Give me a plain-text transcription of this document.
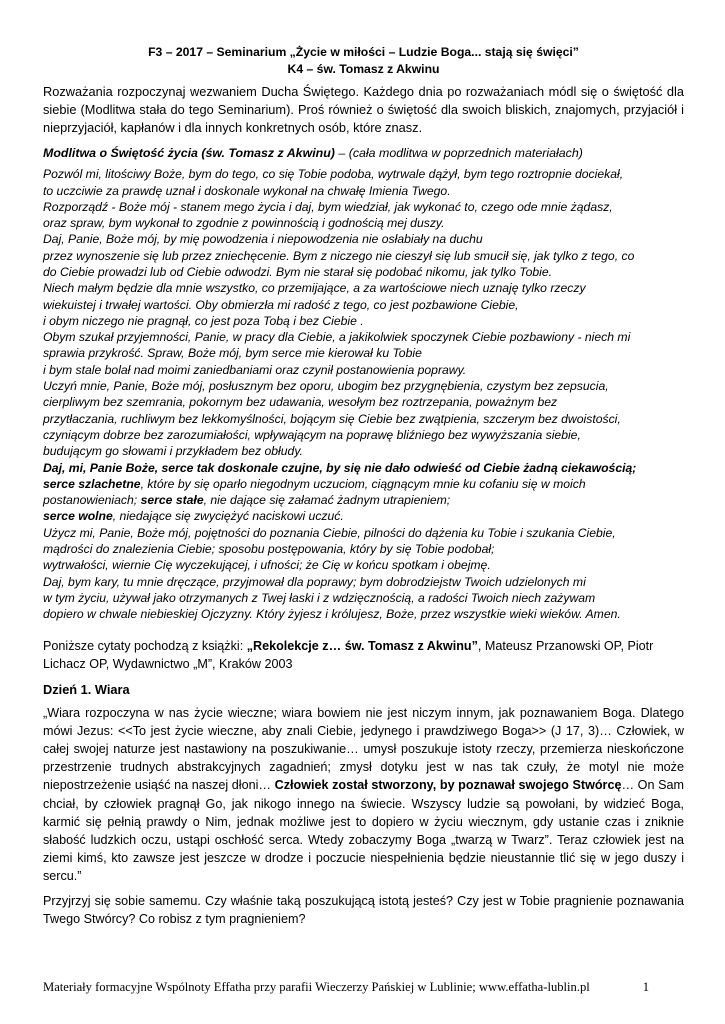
F3 – 2017 – Seminarium „Życie w miłości – Ludzie Boga... stają się święci”

K4 – św. Tomasz z Akwinu

Rozważania rozpoczynaj wezwaniem Ducha Świętego. Każdego dnia po rozważaniach módl się o świętość dla siebie (Modlitwa stała do tego Seminarium). Proś również o świętość dla swoich bliskich, znajomych, przyjaciół i nieprzyjaciół, kapłanów i dla innych konkretnych osób, które znasz.

Modlitwa o Świętość życia (św. Tomasz z Akwinu) – (cała modlitwa w poprzednich materiałach)

Pozwól mi, litościwy Boże, bym do tego, co się Tobie podoba, wytrwale dążył, bym tego roztropnie dociekał,
to uczciwie za prawdę uznał i doskonale wykonał na chwałę Imienia Twego.
Rozporządź - Boże mój - stanem mego życia i daj, bym wiedział, jak wykonać to, czego ode mnie żądasz,
oraz spraw, bym wykonał to zgodnie z powinnością i godnością mej duszy.
Daj, Panie, Boże mój, by mię powodzenia i niepowodzenia nie osłabiały na duchu
przez wynoszenie się lub przez zniechęcenie. Bym z niczego nie cieszył się lub smucił się, jak tylko z tego, co
do Ciebie prowadzi lub od Ciebie odwodzi. Bym nie starał się podobać nikomu, jak tylko Tobie.
Niech małym będzie dla mnie wszystko, co przemijające, a za wartościowe niech uznaję tylko rzeczy
wiekuistej i trwałej wartości. Oby obmierzła mi radość z tego, co jest pozbawione Ciebie,
i obym niczego nie pragnął, co jest poza Tobą i bez Ciebie .
Obym szukał przyjemności, Panie, w pracy dla Ciebie, a jakikolwiek spoczynek Ciebie pozbawiony - niech mi
sprawia przykrość. Spraw, Boże mój, bym serce mie kierował ku Tobie
i bym stale bolał nad moimi zaniedbaniami oraz czynił postanowienia poprawy.
Uczyń mnie, Panie, Boże mój, posłusznym bez oporu, ubogim bez przygnębienia, czystym bez zepsucia,
cierpliwym bez szemrania, pokornym bez udawania, wesołym bez roztrzepania, poważnym bez
przytłaczania, ruchliwym bez lekkomyślności, bojącym się Ciebie bez zwątpienia, szczerym bez dwoistości,
czyniącym dobrze bez zarozumiałości, wpływającym na poprawę bliźniego bez wywyższania siebie,
budującym go słowami i przykładem bez obłudy.
Daj, mi, Panie Boże, serce tak doskonale czujne, by się nie dało odwieść od Ciebie żadną ciekawością;
serce szlachetne, które by się oparło niegodnym uczuciom, ciągnącym mnie ku cofaniu się w moich
postanowieniach; serce stałe, nie dające się załamać żadnym utrapieniem;
serce wolne, niedające się zwyciężyć naciskowi uczuć.
Użycz mi, Panie, Boże mój, pojętności do poznania Ciebie, pilności do dążenia ku Tobie i szukania Ciebie,
mądrości do znalezienia Ciebie; sposobu postępowania, który by się Tobie podobał;
wytrwałości, wiernie Cię wyczekującej, i ufności; że Cię w końcu spotkam i obejmę.
Daj, bym kary, tu mnie dręczące, przyjmował dla poprawy; bym dobrodziejstw Twoich udzielonych mi
w tym życiu, używał jako otrzymanych z Twej łaski i z wdzięcznością, a radości Twoich niech zażywam
dopiero w chwale niebieskiej Ojczyzny. Który żyjesz i królujesz, Boże, przez wszystkie wieki wieków. Amen.

Poniższe cytaty pochodzą z książki: „Rekolekcje z… św. Tomasz z Akwinu”, Mateusz Przanowski OP, Piotr Lichacz OP, Wydawnictwo „M”, Kraków 2003

Dzień 1. Wiara

„Wiara rozpoczyna w nas życie wieczne; wiara bowiem nie jest niczym innym, jak poznawaniem Boga. Dlatego mówi Jezus: <<To jest życie wieczne, aby znali Ciebie, jedynego i prawdziwego Boga>> (J 17, 3)… Człowiek, w całej swojej naturze jest nastawiony na poszukiwanie… umysł poszukuje istoty rzeczy, przemierza nieskończone przestrzenie trudnych abstrakcyjnych zagadnień; zmysł dotyku jest w nas tak czuły, że motyl nie może niepostrzeżenie usiąść na naszej dłoni… Człowiek został stworzony, by poznawał swojego Stwórcę… On Sam chciał, by człowiek pragnął Go, jak nikogo innego na świecie. Wszyscy ludzie są powołani, by widzieć Boga, karmić się pełnią prawdy o Nim, jednak możliwe jest to dopiero w życiu wiecznym, gdy ustanie czas i zniknie słabość ludzkich oczu, ustąpi oschłość serca. Wtedy zobaczymy Boga „twarzą w Twarz”. Teraz człowiek jest na ziemi kimś, kto zawsze jest jeszcze w drodze i poczucie niespełnienia będzie nieustannie tlić się w jego duszy i sercu.”

Przyjrzyj się sobie samemu. Czy właśnie taką poszukującą istotą jesteś? Czy jest w Tobie pragnienie poznawania Twego Stwórcy? Co robisz z tym pragnieniem?

Materiały formacyjne Wspólnoty Effatha przy parafii Wieczerzy Pańskiej w Lublinie; www.effatha-lublin.pl	1
